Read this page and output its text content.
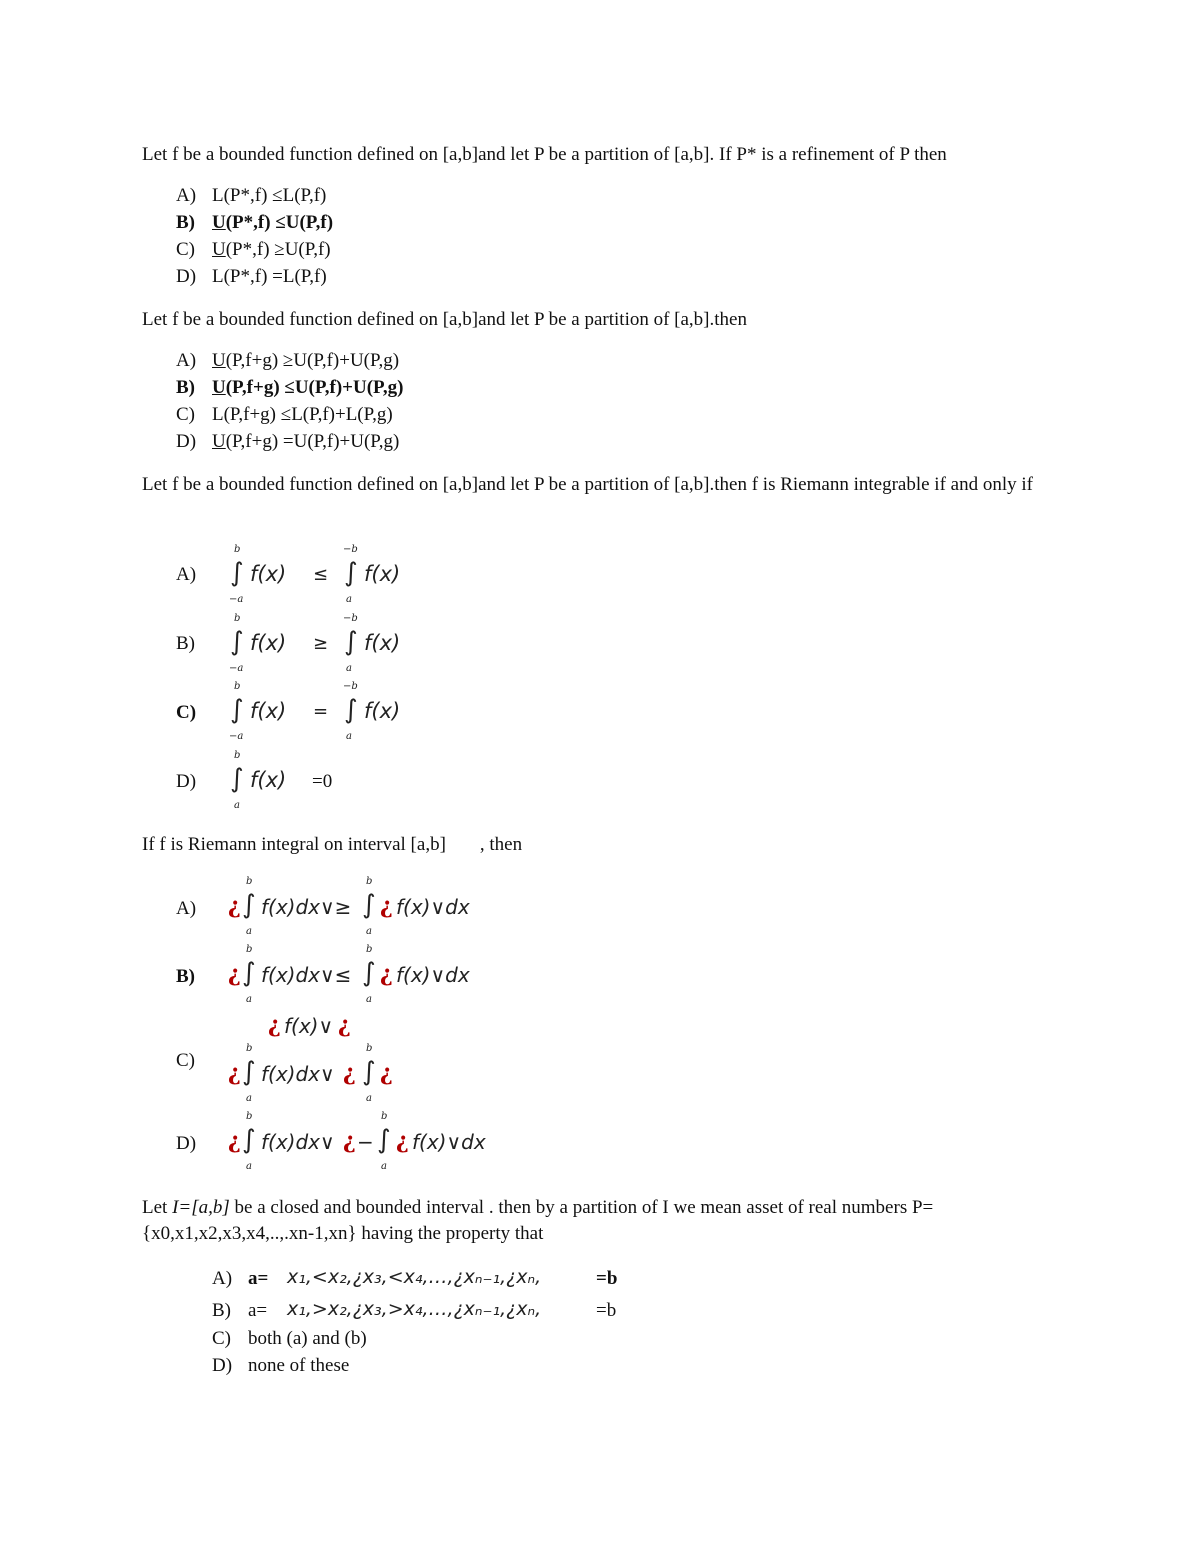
Let f be a bounded function defined on [a,b]and let P be a partition of [a,b]. If P* is a refinement of P then
A) L(P*,f) ≤L(P,f)
B) U(P*,f) ≤U(P,f)
C) U(P*,f) ≥U(P,f)
D) L(P*,f) =L(P,f)
Let f be a bounded function defined on [a,b]and let P be a partition of [a,b].then
A) U(P,f+g) ≥U(P,f)+U(P,g)
B) U(P,f+g) ≤U(P,f)+U(P,g)
C) L(P,f+g) ≤L(P,f)+L(P,g)
D) U(P,f+g) =U(P,f)+U(P,g)
Let f be a bounded function defined on [a,b]and let P be a partition of [a,b].then f is Riemann integrable if and only if
A)
b
∫
−a
f(x) ≤
−b
∫
a
f(x)
B)
b
∫
−a
f(x) ≥
−b
∫
a
f(x)
C)
b
∫
−a
f(x) =
−b
∫
a
f(x)
D)
b
∫
a
f(x) =0
If f is Riemann integral on interval [a,b] , then
A) ¿
b
∫
a
f(x)dx∨≥
b
∫
a
¿ f(x)∨dx
B) ¿
b
∫
a
f(x)dx∨≤
b
∫
a
¿ f(x)∨dx
¿ f(x)∨ ¿
C) ¿
b
∫
a
f(x)dx∨ ¿
b
∫
a
¿
D) ¿
b
∫
a
f(x)dx∨ ¿ −
b
∫
a
¿ f(x)∨dx
Let I=[a,b] be a closed and bounded interval . then by a partition of I we mean asset of real numbers P={x0,x1,x2,x3,x4,..,.xn-1,xn} having the property that
A) a= x₁,<x₂,¿x₃,<x₄,…,¿xₙ₋₁,¿xₙ,	=b
B) a= x₁,>x₂,¿x₃,>x₄,…,¿xₙ₋₁,¿xₙ,	=b
C) both (a) and (b)
D) none of these
